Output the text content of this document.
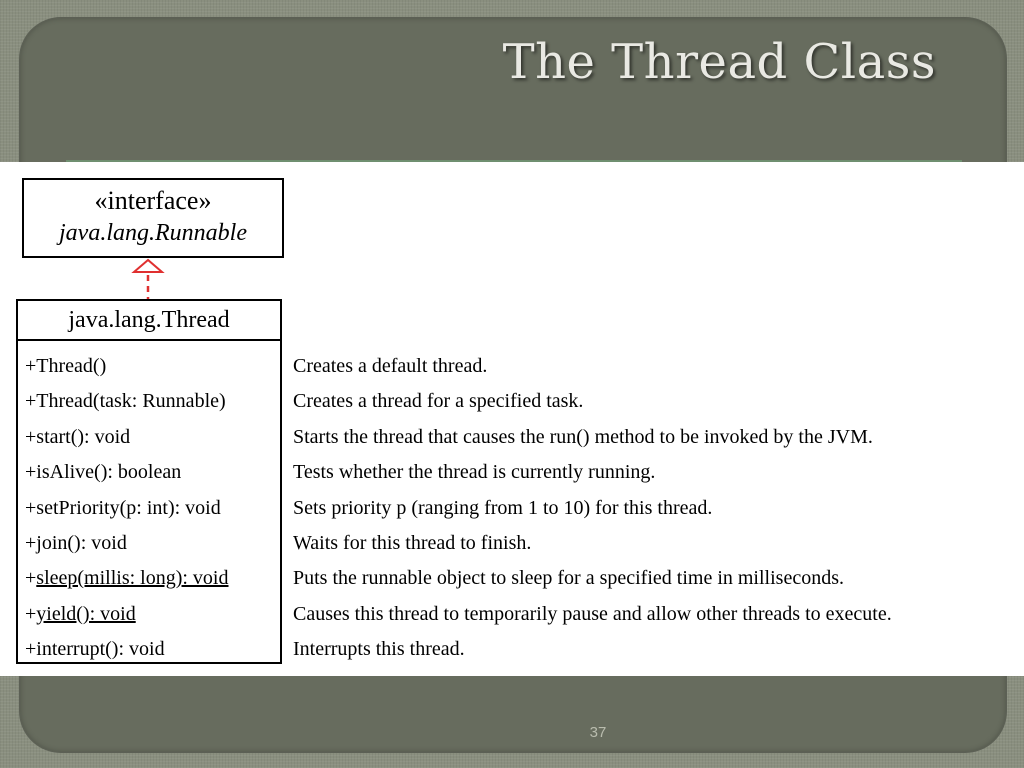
The Thread Class
«interface»
java.lang.Runnable
java.lang.Thread
+Thread()
+Thread(task: Runnable)
+start(): void
+isAlive(): boolean
+setPriority(p: int): void
+join(): void
+sleep(millis: long): void
+yield(): void
+interrupt(): void
Creates a default thread.
Creates a thread for a specified task.
Starts the thread that causes the run() method to be invoked by the JVM.
Tests whether the thread is currently running.
Sets priority p (ranging from 1 to 10) for this thread.
Waits for this thread to finish.
Puts the runnable object to sleep for a specified time in milliseconds.
Causes this thread to temporarily pause and allow other threads to execute.
Interrupts this thread.
37
